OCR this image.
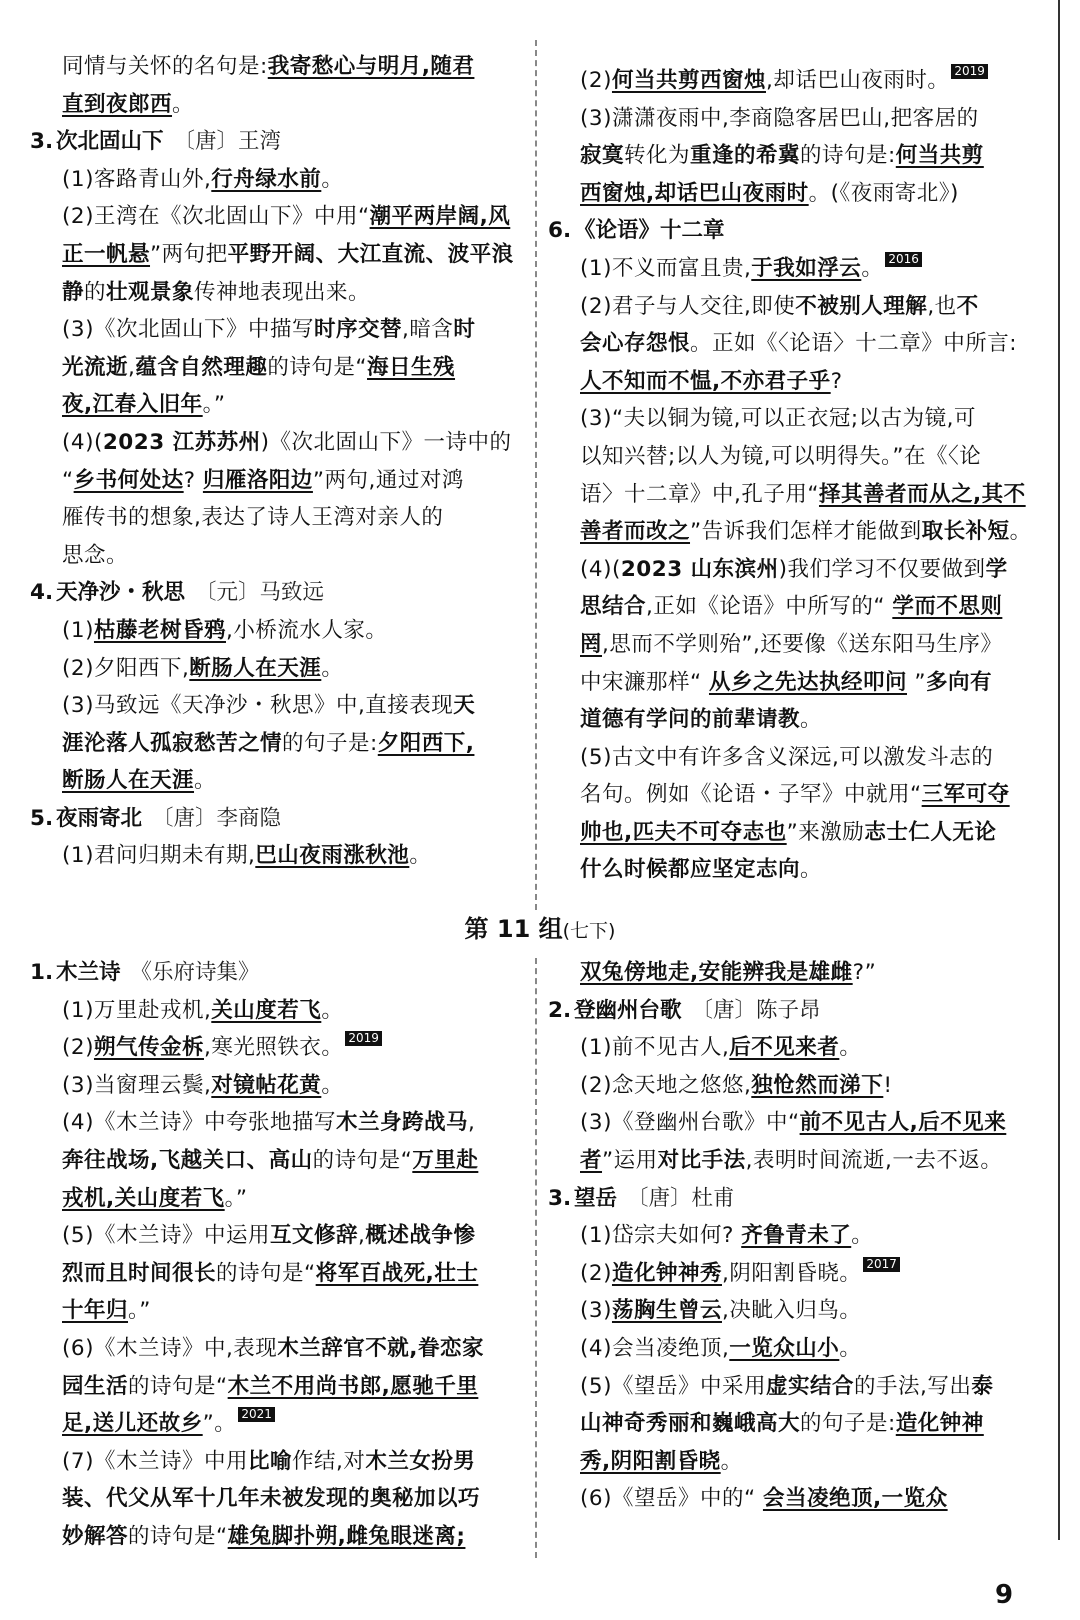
同情与关怀的名句是:我寄愁心与明月,随君
直到夜郎西。
3. 次北固山下 〔唐〕王湾
(1)客路青山外,行舟绿水前。
(2)王湾在《次北固山下》中用“潮平两岸阔,风
正一帆悬”两句把平野开阔、大江直流、波平浪
静的壮观景象传神地表现出来。
(3)《次北固山下》中描写时序交替,暗含时
光流逝,蕴含自然理趣的诗句是“海日生残
夜,江春入旧年。”
(4)(2023 江苏苏州)《次北固山下》一诗中的
“乡书何处达? 归雁洛阳边”两句,通过对鸿
雁传书的想象,表达了诗人王湾对亲人的
思念。
4. 天净沙・秋思 〔元〕马致远
(1)枯藤老树昏鸦,小桥流水人家。
(2)夕阳西下,断肠人在天涯。
(3)马致远《天净沙・秋思》中,直接表现天
涯沦落人孤寂愁苦之情的句子是:夕阳西下,
断肠人在天涯。
5. 夜雨寄北 〔唐〕李商隐
(1)君问归期未有期,巴山夜雨涨秋池。
(2)何当共剪西窗烛,却话巴山夜雨时。 2019
(3)潇潇夜雨中,李商隐客居巴山,把客居的
寂寞转化为重逢的希冀的诗句是:何当共剪
西窗烛,却话巴山夜雨时。(《夜雨寄北》)
6. 《论语》十二章
(1)不义而富且贵,于我如浮云。 2016
(2)君子与人交往,即使不被别人理解,也不
会心存怨恨。正如《〈论语〉十二章》中所言:
人不知而不愠,不亦君子乎?
(3)“夫以铜为镜,可以正衣冠;以古为镜,可
以知兴替;以人为镜,可以明得失。”在《〈论
语〉十二章》中,孔子用“择其善者而从之,其不
善者而改之”告诉我们怎样才能做到取长补短。
(4)(2023 山东滨州)我们学习不仅要做到学
思结合,正如《论语》中所写的“ 学而不思则
罔,思而不学则殆”,还要像《送东阳马生序》
中宋濂那样“ 从乡之先达执经叩问 ”多向有
道德有学问的前辈请教。
(5)古文中有许多含义深远,可以激发斗志的
名句。例如《论语・子罕》中就用“三军可夺
帅也,匹夫不可夺志也”来激励志士仁人无论
什么时候都应坚定志向。
第 11 组(七下)
1. 木兰诗 《乐府诗集》
(1)万里赴戎机,关山度若飞。
(2)朔气传金柝,寒光照铁衣。 2019
(3)当窗理云鬓,对镜帖花黄。
(4)《木兰诗》中夸张地描写木兰身跨战马,
奔往战场,飞越关口、高山的诗句是“万里赴
戎机,关山度若飞。”
(5)《木兰诗》中运用互文修辞,概述战争惨
烈而且时间很长的诗句是“将军百战死,壮士
十年归。”
(6)《木兰诗》中,表现木兰辞官不就,眷恋家
园生活的诗句是“木兰不用尚书郎,愿驰千里
足,送儿还故乡”。 2021
(7)《木兰诗》中用比喻作结,对木兰女扮男
装、代父从军十几年未被发现的奥秘加以巧
妙解答的诗句是“雄兔脚扑朔,雌兔眼迷离;
双兔傍地走,安能辨我是雄雌?”
2. 登幽州台歌 〔唐〕陈子昂
(1)前不见古人,后不见来者。
(2)念天地之悠悠,独怆然而涕下!
(3)《登幽州台歌》中“前不见古人,后不见来
者”运用对比手法,表明时间流逝,一去不返。
3. 望岳 〔唐〕杜甫
(1)岱宗夫如何? 齐鲁青未了。
(2)造化钟神秀,阴阳割昏晓。 2017
(3)荡胸生曾云,决眦入归鸟。
(4)会当凌绝顶,一览众山小。
(5)《望岳》中采用虚实结合的手法,写出泰
山神奇秀丽和巍峨高大的句子是:造化钟神
秀,阴阳割昏晓。
(6)《望岳》中的“ 会当凌绝顶,一览众
9
